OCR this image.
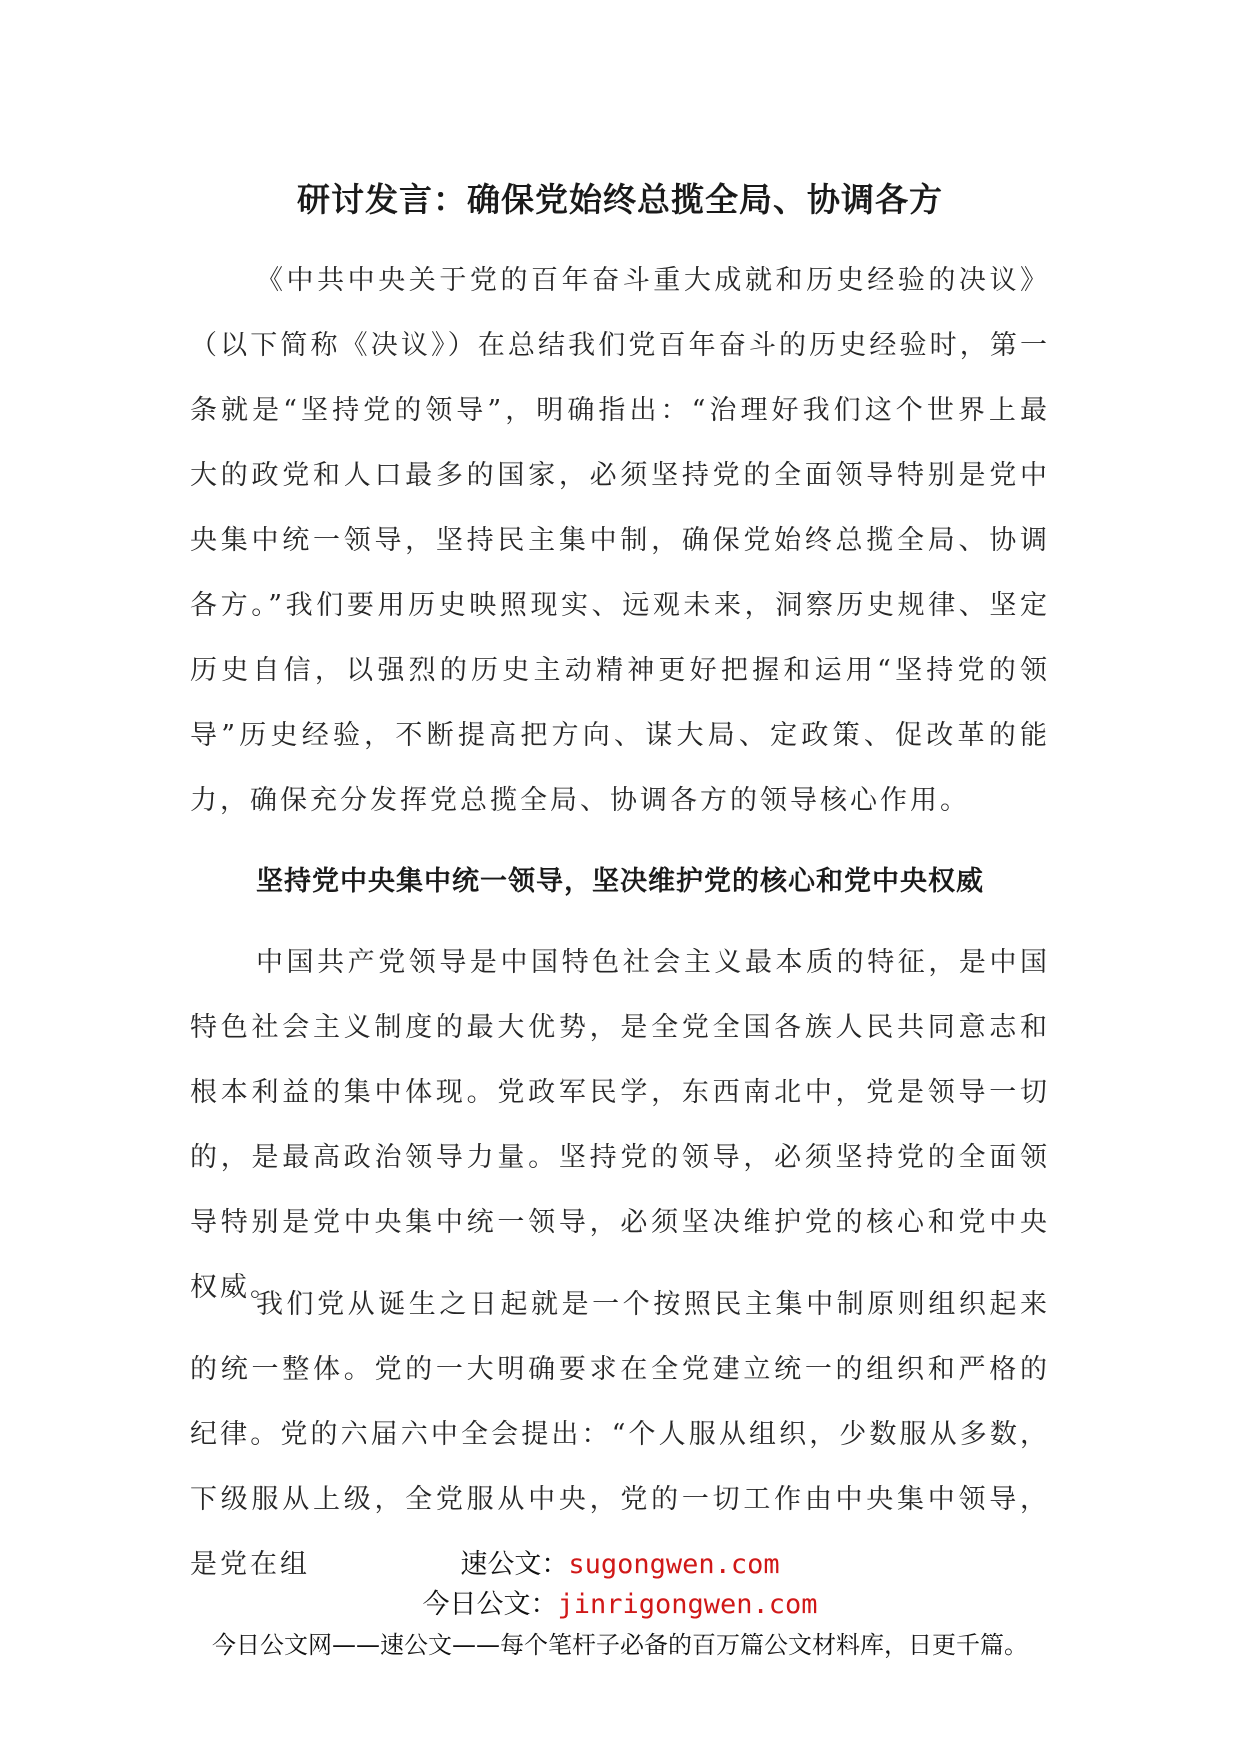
研讨发言：确保党始终总揽全局、协调各方

《中共中央关于党的百年奋斗重大成就和历史经验的决议》（以下简称《决议》）在总结我们党百年奋斗的历史经验时，第一条就是“坚持党的领导”，明确指出：“治理好我们这个世界上最大的政党和人口最多的国家，必须坚持党的全面领导特别是党中央集中统一领导，坚持民主集中制，确保党始终总揽全局、协调各方。”我们要用历史映照现实、远观未来，洞察历史规律、坚定历史自信，以强烈的历史主动精神更好把握和运用“坚持党的领导”历史经验，不断提高把方向、谋大局、定政策、促改革的能力，确保充分发挥党总揽全局、协调各方的领导核心作用。

坚持党中央集中统一领导，坚决维护党的核心和党中央权威

中国共产党领导是中国特色社会主义最本质的特征，是中国特色社会主义制度的最大优势，是全党全国各族人民共同意志和根本利益的集中体现。党政军民学，东西南北中，党是领导一切的，是最高政治领导力量。坚持党的领导，必须坚持党的全面领导特别是党中央集中统一领导，必须坚决维护党的核心和党中央权威。

我们党从诞生之日起就是一个按照民主集中制原则组织起来的统一整体。党的一大明确要求在全党建立统一的组织和严格的纪律。党的六届六中全会提出：“个人服从组织，少数服从多数，下级服从上级，全党服从中央，党的一切工作由中央集中领导，是党在组	速公文：sugongwen.com

今日公文：jinrigongwen.com

今日公文网——速公文——每个笔杆子必备的百万篇公文材料库，日更千篇。
